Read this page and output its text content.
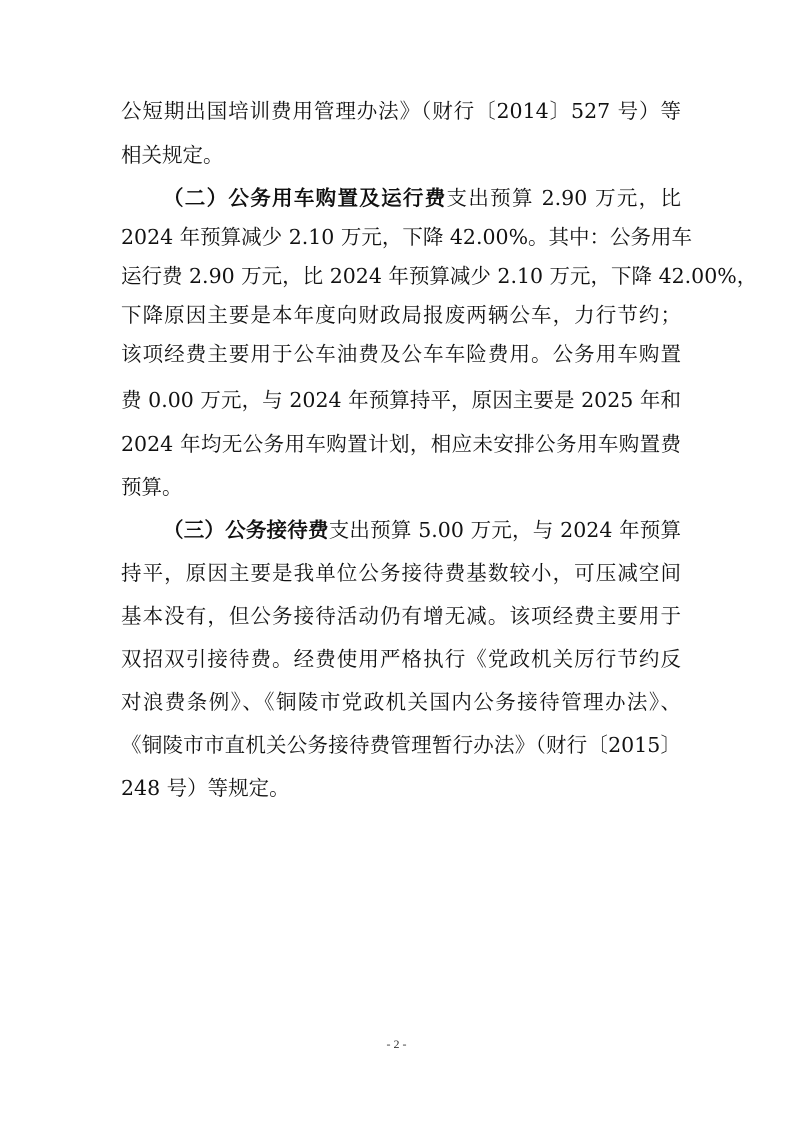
公短期出国培训费用管理办法》（财行〔2014〕527 号）等
相关规定。
（二）公务用车购置及运行费支出预算 2.90 万元，比
2024 年预算减少 2.10 万元，下降 42.00%。其中：公务用车
运行费 2.90 万元，比 2024 年预算减少 2.10 万元，下降 42.00%，
下降原因主要是本年度向财政局报废两辆公车，力行节约；
该项经费主要用于公车油费及公车车险费用。公务用车购置
费 0.00 万元，与 2024 年预算持平，原因主要是 2025 年和
2024 年均无公务用车购置计划，相应未安排公务用车购置费
预算。
（三）公务接待费支出预算 5.00 万元，与 2024 年预算
持平，原因主要是我单位公务接待费基数较小，可压减空间
基本没有，但公务接待活动仍有增无减。该项经费主要用于
双招双引接待费。经费使用严格执行《党政机关厉行节约反
对浪费条例》、《铜陵市党政机关国内公务接待管理办法》、
《铜陵市市直机关公务接待费管理暂行办法》（财行〔2015〕
248 号）等规定。
- 2 -
